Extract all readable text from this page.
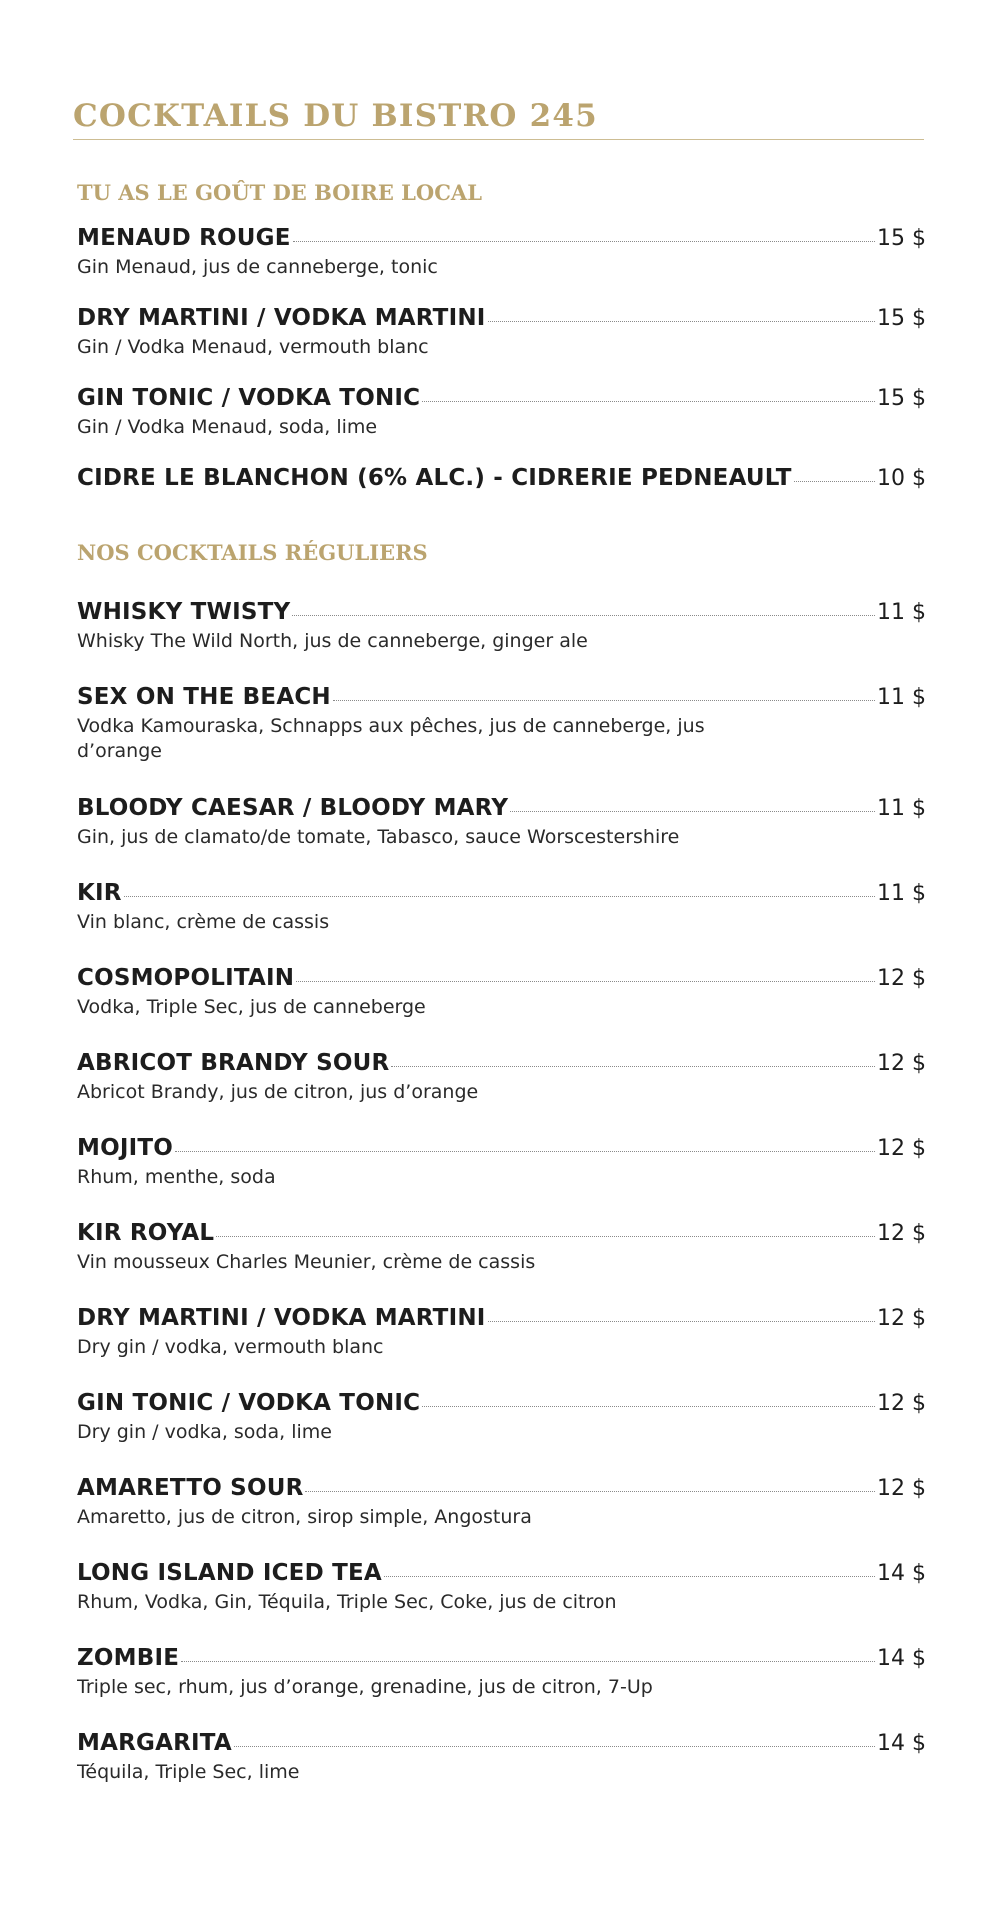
COCKTAILS DU BISTRO 245
TU AS LE GOÛT DE BOIRE LOCAL
MENAUD ROUGE	15 $
Gin Menaud, jus de canneberge, tonic
DRY MARTINI / VODKA MARTINI	15 $
Gin / Vodka Menaud, vermouth blanc
GIN TONIC / VODKA TONIC	15 $
Gin / Vodka Menaud, soda, lime
CIDRE LE BLANCHON (6% ALC.) - CIDRERIE PEDNEAULT	10 $
NOS COCKTAILS RÉGULIERS
WHISKY TWISTY	11 $
Whisky The Wild North, jus de canneberge, ginger ale
SEX ON THE BEACH	11 $
Vodka Kamouraska, Schnapps aux pêches, jus de canneberge, jus d’orange
BLOODY CAESAR / BLOODY MARY	11 $
Gin, jus de clamato/de tomate, Tabasco, sauce Worscestershire
KIR	11 $
Vin blanc, crème de cassis
COSMOPOLITAIN	12 $
Vodka, Triple Sec, jus de canneberge
ABRICOT BRANDY SOUR	12 $
Abricot Brandy, jus de citron, jus d’orange
MOJITO	12 $
Rhum, menthe, soda
KIR ROYAL	12 $
Vin mousseux Charles Meunier, crème de cassis
DRY MARTINI / VODKA MARTINI	12 $
Dry gin / vodka, vermouth blanc
GIN TONIC / VODKA TONIC	12 $
Dry gin / vodka, soda, lime
AMARETTO SOUR	12 $
Amaretto, jus de citron, sirop simple, Angostura
LONG ISLAND ICED TEA	14 $
Rhum, Vodka, Gin, Téquila, Triple Sec, Coke, jus de citron
ZOMBIE	14 $
Triple sec, rhum, jus d’orange, grenadine, jus de citron, 7-Up
MARGARITA	14 $
Téquila, Triple Sec, lime
